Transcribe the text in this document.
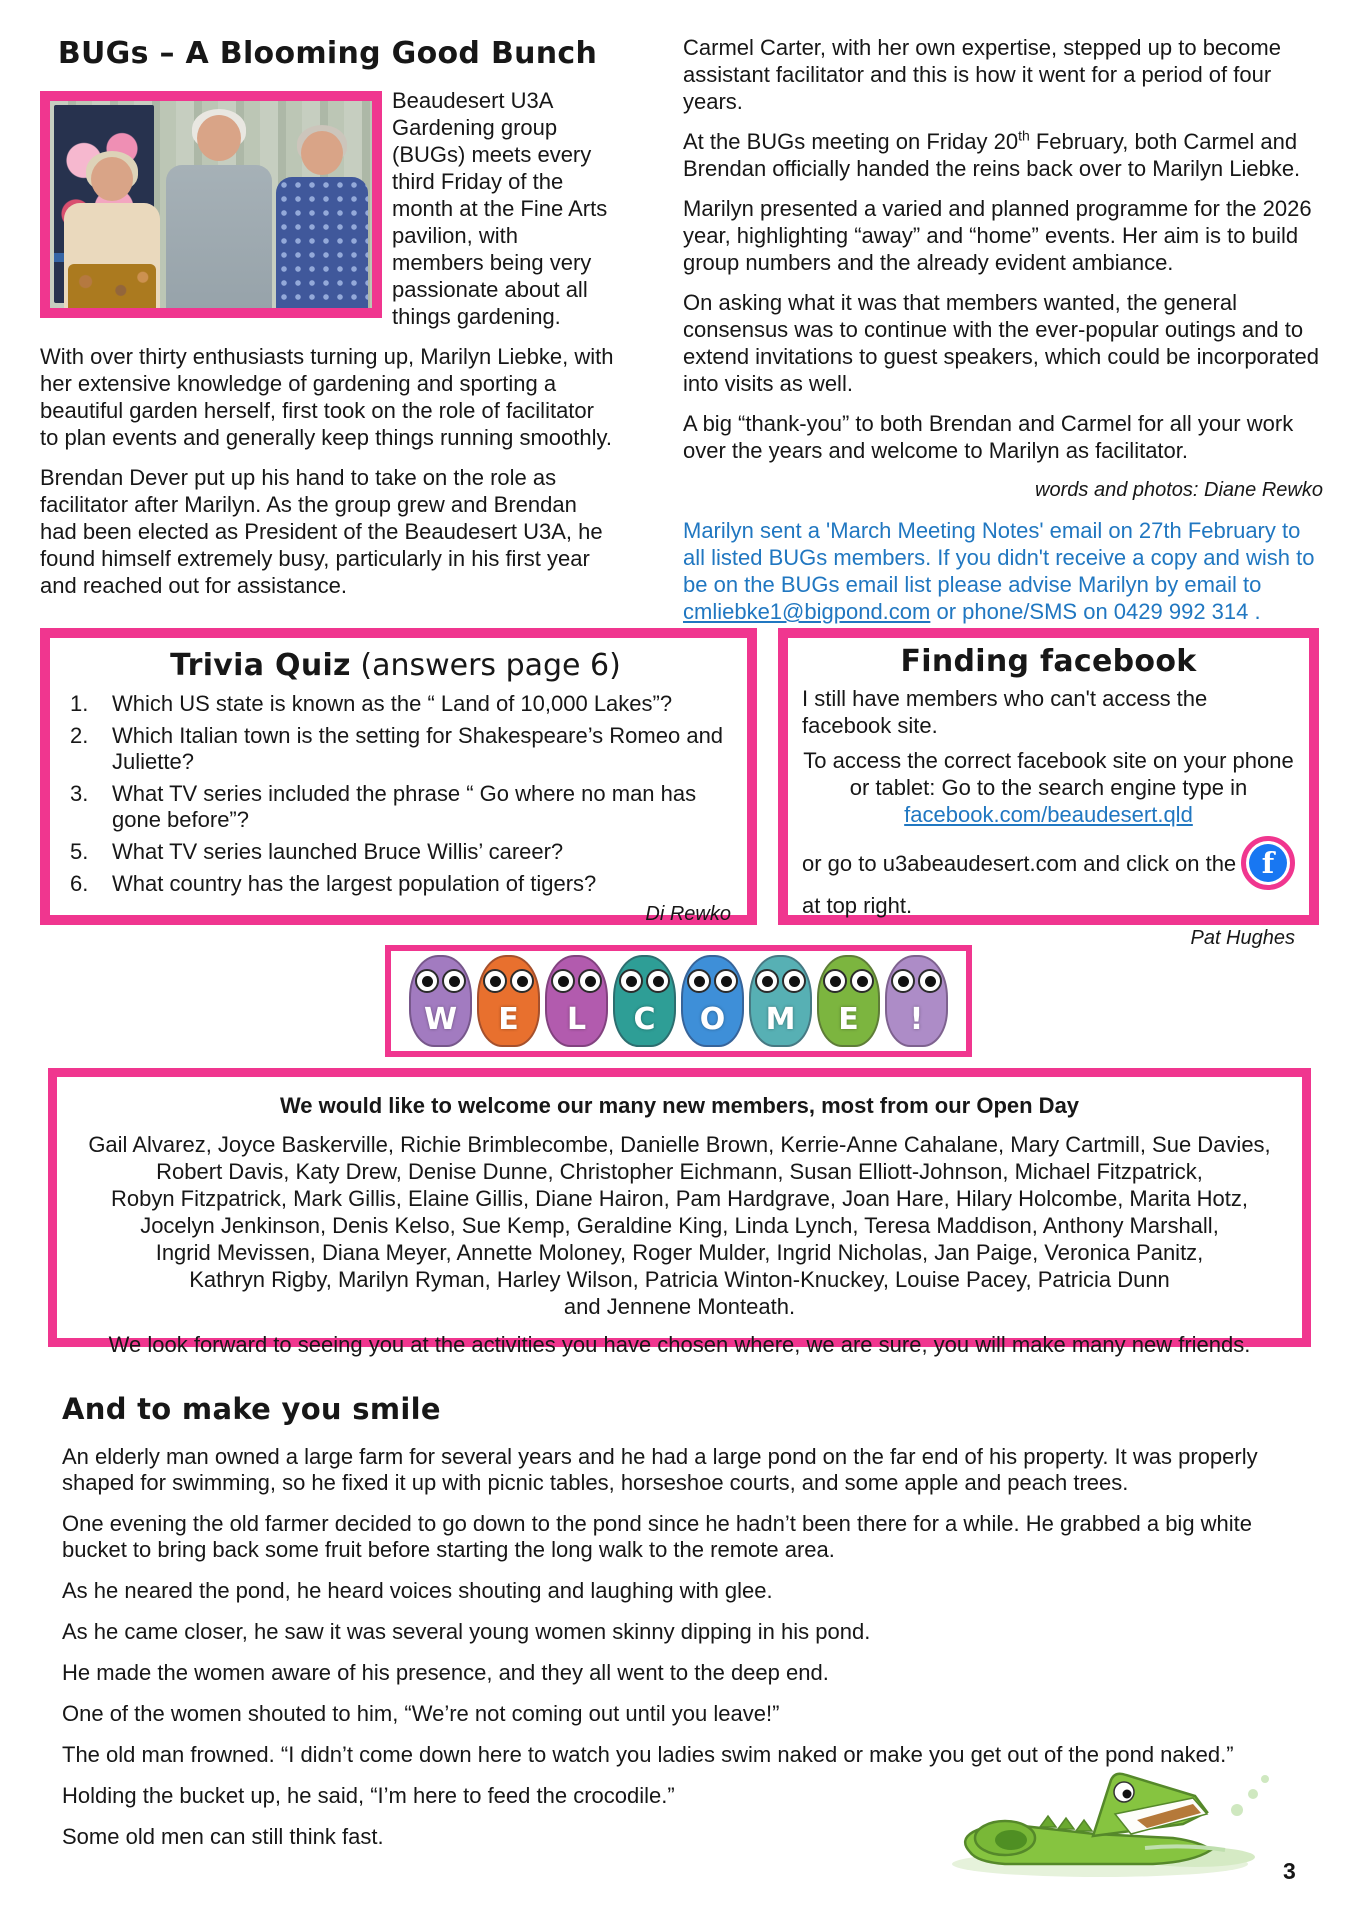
BUGs – A Blooming Good Bunch

Beaudesert U3A Gardening group (BUGs) meets every third Friday of the month at the Fine Arts pavilion, with members being very passionate about all things gardening.

With over thirty enthusiasts turning up, Marilyn Liebke, with her extensive knowledge of gardening and sporting a beautiful garden herself, first took on the role of facilitator to plan events and generally keep things running smoothly.

Brendan Dever put up his hand to take on the role as facilitator after Marilyn. As the group grew and Brendan had been elected as President of the Beaudesert U3A, he found himself extremely busy, particularly in his first year and reached out for assistance.

Carmel Carter, with her own expertise, stepped up to become assistant facilitator and this is how it went for a period of four years.

At the BUGs meeting on Friday 20th February, both Carmel and Brendan officially handed the reins back over to Marilyn Liebke.

Marilyn presented a varied and planned programme for the 2026 year, highlighting “away” and “home” events. Her aim is to build group numbers and the already evident ambiance.

On asking what it was that members wanted, the general consensus was to continue with the ever-popular outings and to extend invitations to guest speakers, which could be incorporated into visits as well.

A big “thank-you” to both Brendan and Carmel for all your work over the years and welcome to Marilyn as facilitator.

words and photos: Diane Rewko

Marilyn sent a 'March Meeting Notes' email on 27th February to all listed BUGs members. If you didn't receive a copy and wish to be on the BUGs email list please advise Marilyn by email to cmliebke1@bigpond.com or phone/SMS on 0429 992 314 .

Trivia Quiz (answers page 6)
1.	Which US state is known as the “ Land of 10,000 Lakes”?
2.	Which Italian town is the setting for Shakespeare’s Romeo and Juliette?
3.	What TV series included the phrase “ Go where no man has gone before”?
5.	What TV series launched Bruce Willis’ career?
6.	What country has the largest population of tigers?
Di Rewko
Finding facebook

I still have members who can't access the facebook site.

To access the correct facebook site on your phone or tablet: Go to the search engine type in
facebook.com/beaudesert.qld

or go to u3abeaudesert.com and click on the f

at top right.

Pat Hughes
W	E	L	C	O	M	E	!
We would like to welcome our many new members, most from our Open Day
Gail Alvarez, Joyce Baskerville, Richie Brimblecombe, Danielle Brown, Kerrie-Anne Cahalane, Mary Cartmill, Sue Davies,
Robert Davis, Katy Drew, Denise Dunne, Christopher Eichmann, Susan Elliott-Johnson, Michael Fitzpatrick,
Robyn Fitzpatrick, Mark Gillis, Elaine Gillis, Diane Hairon, Pam Hardgrave, Joan Hare, Hilary Holcombe, Marita Hotz,
Jocelyn Jenkinson, Denis Kelso, Sue Kemp, Geraldine King, Linda Lynch, Teresa Maddison, Anthony Marshall,
Ingrid Mevissen, Diana Meyer, Annette Moloney, Roger Mulder, Ingrid Nicholas, Jan Paige, Veronica Panitz,
Kathryn Rigby, Marilyn Ryman, Harley Wilson, Patricia Winton-Knuckey, Louise Pacey, Patricia Dunn
and Jennene Monteath.
We look forward to seeing you at the activities you have chosen where, we are sure, you will make many new friends.
And to make you smile

An elderly man owned a large farm for several years and he had a large pond on the far end of his property. It was properly shaped for swimming, so he fixed it up with picnic tables, horseshoe courts, and some apple and peach trees.

One evening the old farmer decided to go down to the pond since he hadn’t been there for a while. He grabbed a big white bucket to bring back some fruit before starting the long walk to the remote area.

As he neared the pond, he heard voices shouting and laughing with glee.

As he came closer, he saw it was several young women skinny dipping in his pond.

He made the women aware of his presence, and they all went to the deep end.

One of the women shouted to him, “We’re not coming out until you leave!”

The old man frowned. “I didn’t come down here to watch you ladies swim naked or make you get out of the pond naked.”

Holding the bucket up, he said, “I’m here to feed the crocodile.”

Some old men can still think fast.

3
